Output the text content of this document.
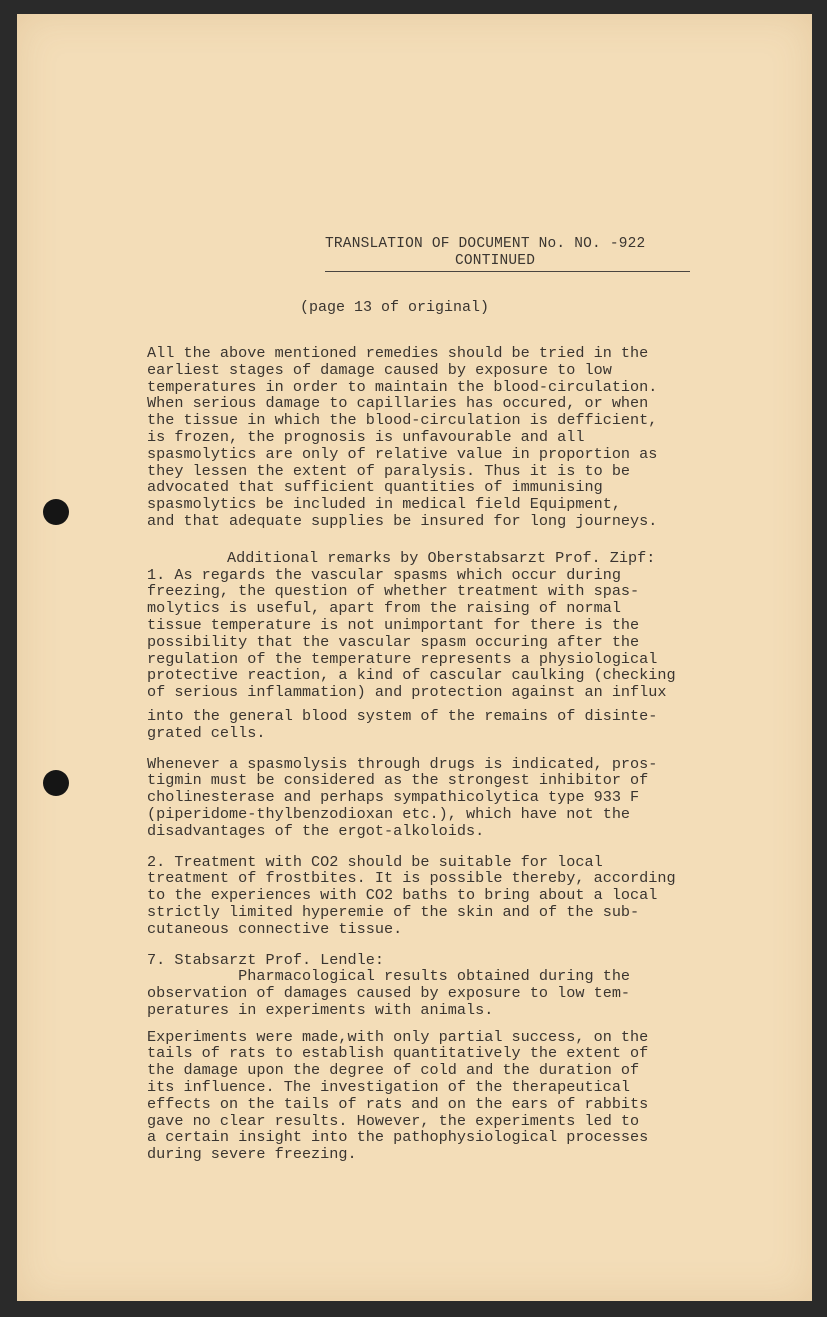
TRANSLATION OF DOCUMENT No. NO. -922
CONTINUED
(page 13 of original)
All the above mentioned remedies should be tried in the
earliest stages of damage caused by exposure to low
temperatures in order to maintain the blood-circulation.
When serious damage to capillaries has occured, or when
the tissue in which the blood-circulation is defficient,
is frozen, the prognosis is unfavourable and all
spasmolytics are only of relative value in proportion as
they lessen the extent of paralysis. Thus it is to be
advocated that sufficient quantities of immunising
spasmolytics be included in medical field Equipment,
and that adequate supplies be insured for long journeys.
Additional remarks by Oberstabsarzt Prof. Zipf:
1. As regards the vascular spasms which occur during
freezing, the question of whether treatment with spas-
molytics is useful, apart from the raising of normal
tissue temperature is not unimportant for there is the
possibility that the vascular spasm occuring after the
regulation of the temperature represents a physiological
protective reaction, a kind of cascular caulking (checking
of serious inflammation) and protection against an influx
into the general blood system of the remains of disinte-
grated cells.
Whenever a spasmolysis through drugs is indicated, pros-
tigmin must be considered as the strongest inhibitor of
cholinesterase and perhaps sympathicolytica type 933 F
(piperidome-thylbenzodioxan etc.), which have not the
disadvantages of the ergot-alkoloids.
2. Treatment with CO2 should be suitable for local
treatment of frostbites. It is possible thereby, according
to the experiences with CO2 baths to bring about a local
strictly limited hyperemie of the skin and of the sub-
cutaneous connective tissue.
7. Stabsarzt Prof. Lendle:
Pharmacological results obtained during the
observation of damages caused by exposure to low tem-
peratures in experiments with animals.
Experiments were made,with only partial success, on the
tails of rats to establish quantitatively the extent of
the damage upon the degree of cold and the duration of
its influence. The investigation of the therapeutical
effects on the tails of rats and on the ears of rabbits
gave no clear results. However, the experiments led to
a certain insight into the pathophysiological processes
during severe freezing.
